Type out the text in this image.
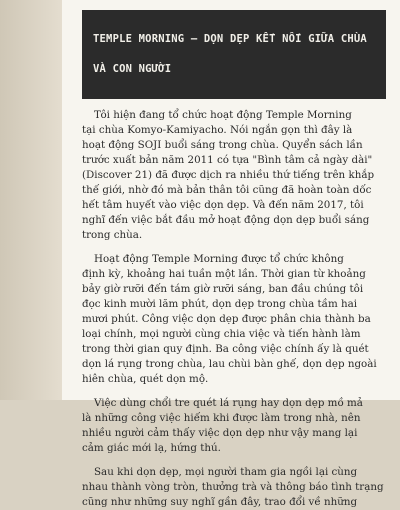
TEMPLE MORNING – DỌN DẸP KẾT NỐI GIỮA CHÙA

VÀ CON NGƯỜI

Tôi hiện đang tổ chức hoạt động Temple Morning
tại chùa Komyo-Kamiyacho. Nói ngắn gọn thì đây là
hoạt động SOJI buổi sáng trong chùa. Quyển sách lần
trước xuất bản năm 2011 có tựa "Bình tâm cả ngày dài"
(Discover 21) đã được dịch ra nhiều thứ tiếng trên khắp
thế giới, nhờ đó mà bản thân tôi cũng đã hoàn toàn dốc
hết tâm huyết vào việc dọn dẹp. Và đến năm 2017, tôi
nghĩ đến việc bắt đầu mở hoạt động dọn dẹp buổi sáng
trong chùa.
Hoạt động Temple Morning được tổ chức không
định kỳ, khoảng hai tuần một lần. Thời gian từ khoảng
bảy giờ rưỡi đến tám giờ rưỡi sáng, ban đầu chúng tôi
đọc kinh mười lăm phút, dọn dẹp trong chùa tầm hai
mươi phút. Công việc dọn dẹp được phân chia thành ba
loại chính, mọi người cùng chia việc và tiến hành làm
trong thời gian quy định. Ba công việc chính ấy là quét
dọn lá rụng trong chùa, lau chùi bàn ghế, dọn dẹp ngoài
hiên chùa, quét dọn mộ.
Việc dùng chổi tre quét lá rụng hay dọn dẹp mồ mả
là những công việc hiếm khi được làm trong nhà, nên
nhiều người cảm thấy việc dọn dẹp như vậy mang lại
cảm giác mới lạ, hứng thú.
Sau khi dọn dẹp, mọi người tham gia ngồi lại cùng
nhau thành vòng tròn, thưởng trà và thông báo tình trạng
cũng như những suy nghĩ gần đây, trao đổi về những
